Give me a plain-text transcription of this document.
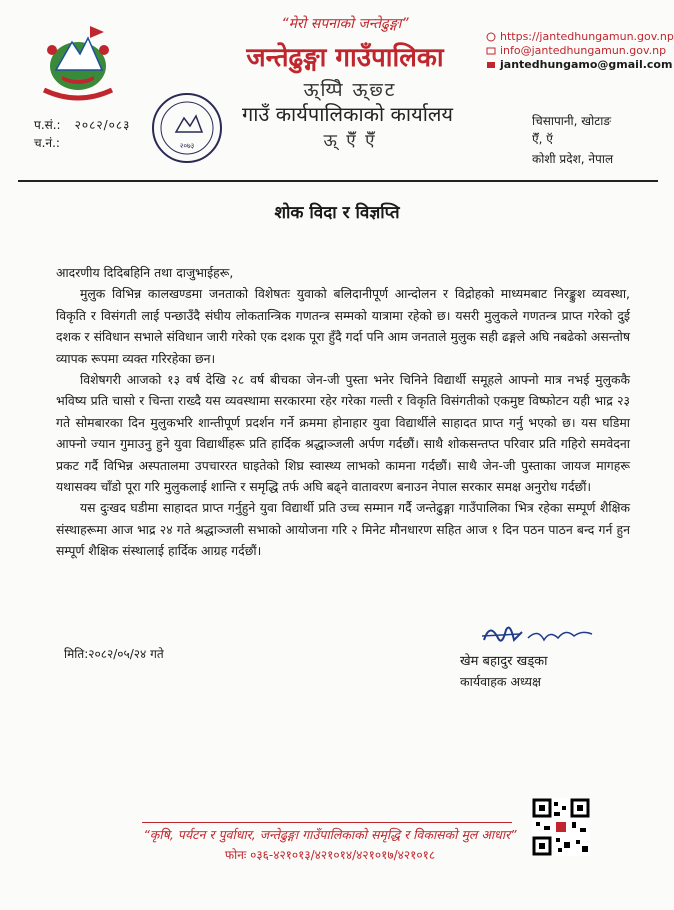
“मेरो सपनाको जन्तेढुङ्गा”
जन्तेढुङ्गा गाउँपालिका
ऊ्य्पेि ऊ्छ्ट
गाउँ कार्यपालिकाको कार्यालय
ऊ् ऍॅ ऍॅ
२०७३
प.सं.: २०८२/०८३
च.नं.:
https://jantedhungamun.gov.np
info@jantedhungamun.gov.np
jantedhungamo@gmail.com
चिसापानी, खोटाङ
ऍॅ, ऍ
कोशी प्रदेश, नेपाल
शोक विदा र विज्ञप्ति

आदरणीय दिदिबहिनि तथा दाजुभाईहरू,

मुलुक विभिन्न कालखण्डमा जनताको विशेषतः युवाको बलिदानीपूर्ण आन्दोलन र विद्रोहको माध्यमबाट निरङ्कुश व्यवस्था, विकृति र विसंगती लाई पन्छाउँदै संघीय लोकतान्त्रिक गणतन्त्र सम्मको यात्रामा रहेको छ। यसरी मुलुकले गणतन्त्र प्राप्त गरेको दुई दशक र संविधान सभाले संविधान जारी गरेको एक दशक पूरा हुँदै गर्दा पनि आम जनताले मुलुक सही ढङ्गले अघि नबढेको असन्तोष व्यापक रूपमा व्यक्त गरिरहेका छन।

विशेषगरी आजको १३ वर्ष देखि २८ वर्ष बीचका जेन-जी पुस्ता भनेर चिनिने विद्यार्थी समूहले आफ्नो मात्र नभई मुलुककै भविष्य प्रति चासो र चिन्ता राख्दै यस व्यवस्थामा सरकारमा रहेर गरेका गल्ती र विकृति विसंगतीको एकमुष्ट विष्फोटन यही भाद्र २३ गते सोमबारका दिन मुलुकभरि शान्तीपूर्ण प्रदर्शन गर्ने क्रममा होनाहार युवा विद्यार्थीले साहादत प्राप्त गर्नु भएको छ। यस घडिमा आफ्नो ज्यान गुमाउनु हुने युवा विद्यार्थीहरू प्रति हार्दिक श्रद्धाञ्जली अर्पण गर्दछौं। साथै शोकसन्तप्त परिवार प्रति गहिरो समवेदना प्रकट गर्दै विभिन्न अस्पतालमा उपचाररत घाइतेको शिघ्र स्वास्थ्य लाभको कामना गर्दछौं। साथै जेन-जी पुस्ताका जायज मागहरू यथासक्य चाँडो पूरा गरि मुलुकलाई शान्ति र समृद्धि तर्फ अघि बढ्ने वातावरण बनाउन नेपाल सरकार समक्ष अनुरोध गर्दछौं।

यस दुःखद घडीमा साहादत प्राप्त गर्नुहुने युवा विद्यार्थी प्रति उच्च सम्मान गर्दै जन्तेढुङ्गा गाउँपालिका भित्र रहेका सम्पूर्ण शैक्षिक संस्थाहरूमा आज भाद्र २४ गते श्रद्धाञ्जली सभाको आयोजना गरि २ मिनेट मौनधारण सहित आज १ दिन पठन पाठन बन्द गर्न हुन सम्पूर्ण शैक्षिक संस्थालाई हार्दिक आग्रह गर्दछौं।

मिति:२०८२/०५/२४ गते	खेम बहादुर खड्का
कार्यवाहक अध्यक्ष
“कृषि, पर्यटन र पुर्वाधार, जन्तेढुङ्गा गाउँपालिकाको समृद्धि र विकासको मुल आधार”
फोनः ०३६-४२१०१३/४२१०१४/४२१०१७/४२१०१८
